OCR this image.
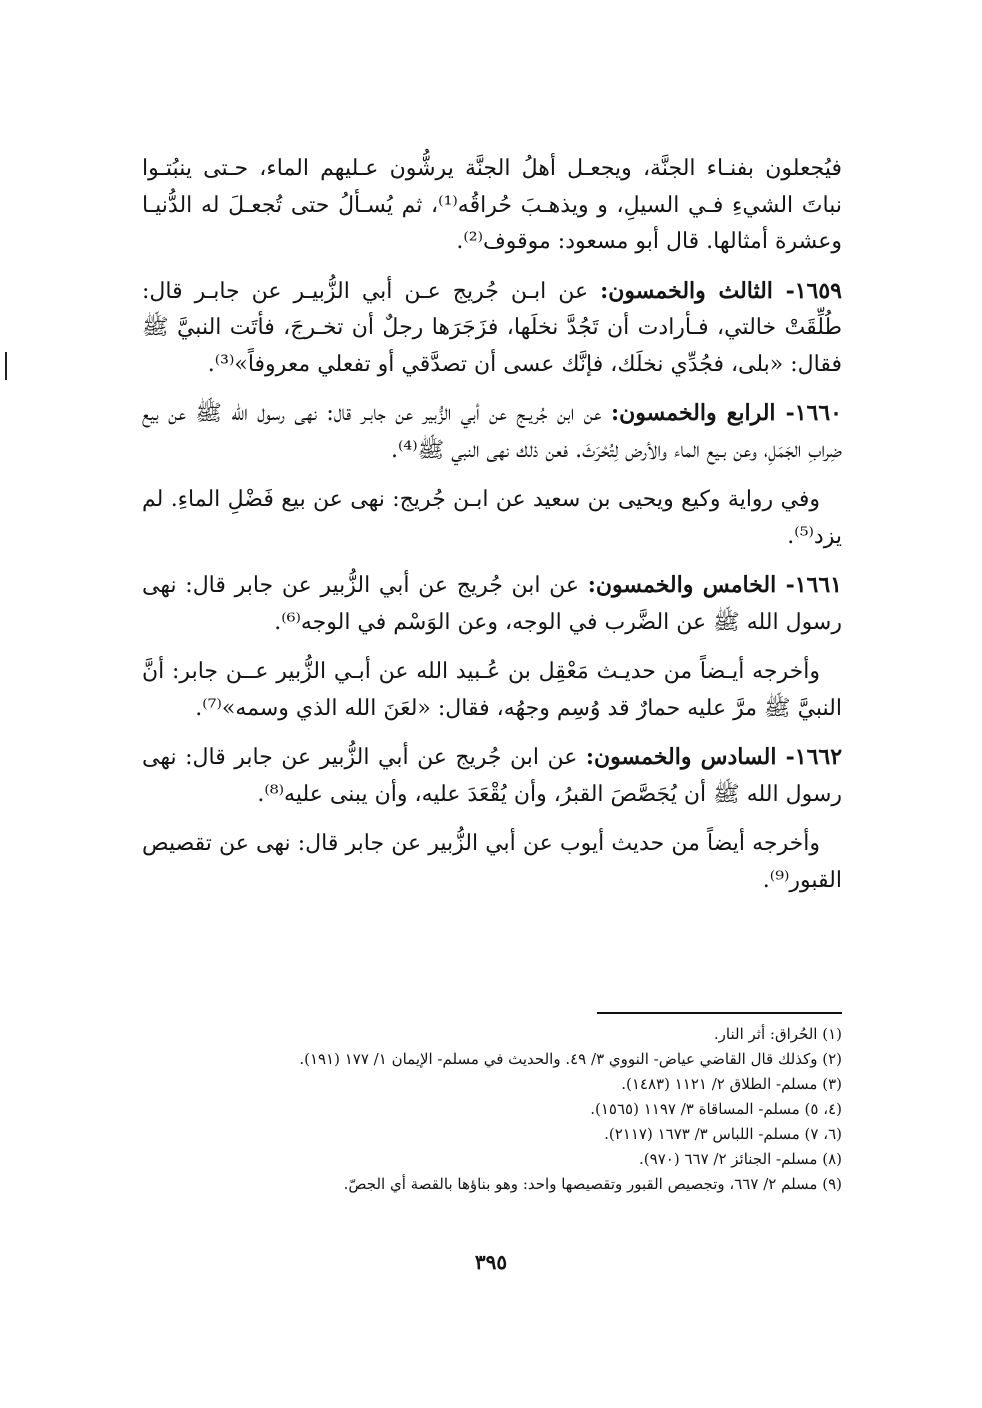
فيُجعلون بفنـاء الجنَّة، ويجعـل أهلُ الجنَّة يرشُّون عـليهم الماء، حـتى ينبُتـوا نباتَ الشيءِ فـي السيلِ، و ويذهـبَ حُراقُه⁽¹⁾، ثم يُسـألُ حتى تُجعـلَ له الدُّنيـا وعشرة أمثالها. قال أبو مسعود: موقوف⁽²⁾.

١٦٥٩- الثالث والخمسون: عن ابـن جُريج عـن أبي الزُّبيـر عن جابـر قال: طُلِّقَتْ خالتي، فـأرادت أن تَجُدَّ نخلَها، فزَجَرَها رجلٌ أن تخـرجَ، فأتَت النبيَّ ﷺ فقال: «بلى، فجُدِّي نخلَك، فإنَّك عسى أن تصدَّقي أو تفعلي معروفاً»⁽³⁾.

١٦٦٠- الرابع والخمسون: عن ابن جُريـج عن أبي الزُّبير عن جابـر قال: نهى رسول الله ﷺ عن بيع ضِرابِ الجَمَلِ، وعن بـيع الماء والأرض لِتُحْرَثَ. فعن ذلك نهى النبي ﷺ⁽⁴⁾.

وفي رواية وكيع ويحيى بن سعيد عن ابـن جُريج: نهى عن بيع فَضْلِ الماءِ. لم يزد⁽⁵⁾.

١٦٦١- الخامس والخمسون: عن ابن جُريج عن أبي الزُّبير عن جابر قال: نهى رسول الله ﷺ عن الضَّرب في الوجه، وعن الوَسْم في الوجه⁽⁶⁾.

وأخرجه أيـضاً من حديـث مَعْقِل بن عُـبيد الله عن أبـي الزُّبير عــن جابر: أنَّ النبيَّ ﷺ مرَّ عليه حمارٌ قد وُسِم وجهُه، فقال: «لعَنَ الله الذي وسمه»⁽⁷⁾.

١٦٦٢- السادس والخمسون: عن ابن جُريج عن أبي الزُّبير عن جابر قال: نهى رسول الله ﷺ أن يُجَصَّصَ القبرُ، وأن يُقْعَدَ عليه، وأن يبنى عليه⁽⁸⁾.

وأخرجه أيضاً من حديث أيوب عن أبي الزُّبير عن جابر قال: نهى عن تقصيص القبور⁽⁹⁾.

(١) الحُراق: أثر النار.
(٢) وكذلك قال القاضي عياض- النووي ٣/ ٤٩. والحديث في مسلم- الإيمان ١/ ١٧٧ (١٩١).
(٣) مسلم- الطلاق ٢/ ١١٢١ (١٤٨٣).
(٤، ٥) مسلم- المساقاة ٣/ ١١٩٧ (١٥٦٥).
(٦، ٧) مسلم- اللباس ٣/ ١٦٧٣ (٢١١٧).
(٨) مسلم- الجنائز ٢/ ٦٦٧ (٩٧٠).
(٩) مسلم ٢/ ٦٦٧، وتجصيص القبور وتقصيصها واحد: وهو بناؤها بالقصة أي الجصّ.
٣٩٥
